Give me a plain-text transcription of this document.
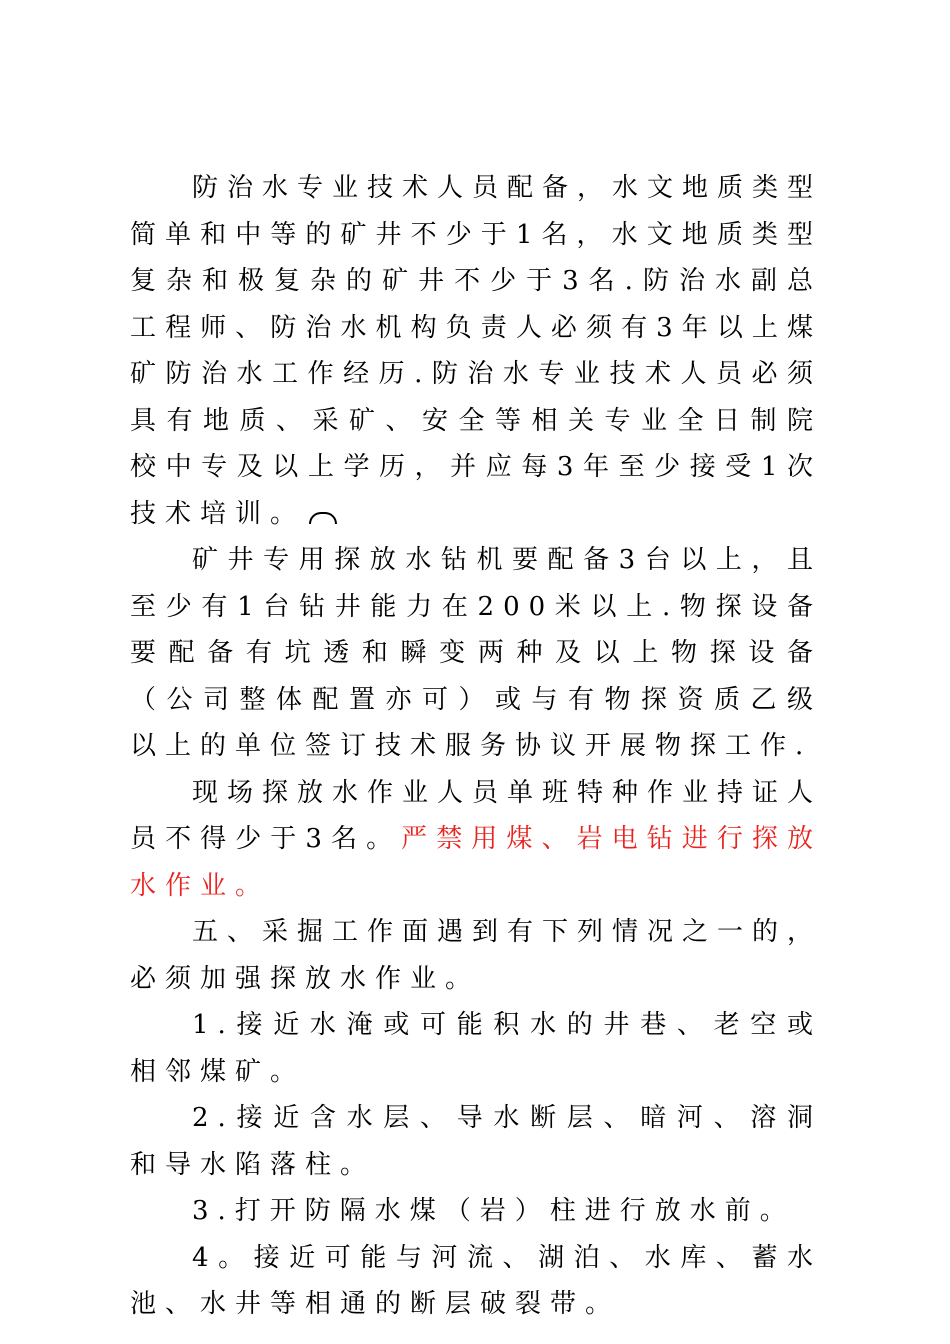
防治水专业技术人员配备，水文地质类型简单和中等的矿井不少于1名，水文地质类型复杂和极复杂的矿井不少于3名.防治水副总工程师、防治水机构负责人必须有3年以上煤矿防治水工作经历.防治水专业技术人员必须具有地质、采矿、安全等相关专业全日制院校中专及以上学历，并应每3年至少接受1次技术培训。

矿井专用探放水钻机要配备3台以上，且至少有1台钻井能力在200米以上.物探设备要配备有坑透和瞬变两种及以上物探设备（公司整体配置亦可）或与有物探资质乙级以上的单位签订技术服务协议开展物探工作.

现场探放水作业人员单班特种作业持证人员不得少于3名。严禁用煤、岩电钻进行探放水作业。

五、采掘工作面遇到有下列情况之一的，必须加强探放水作业。

1.接近水淹或可能积水的井巷、老空或相邻煤矿。

2.接近含水层、导水断层、暗河、溶洞和导水陷落柱。

3.打开防隔水煤（岩）柱进行放水前。

4。接近可能与河流、湖泊、水库、蓄水池、水井等相通的断层破裂带。
